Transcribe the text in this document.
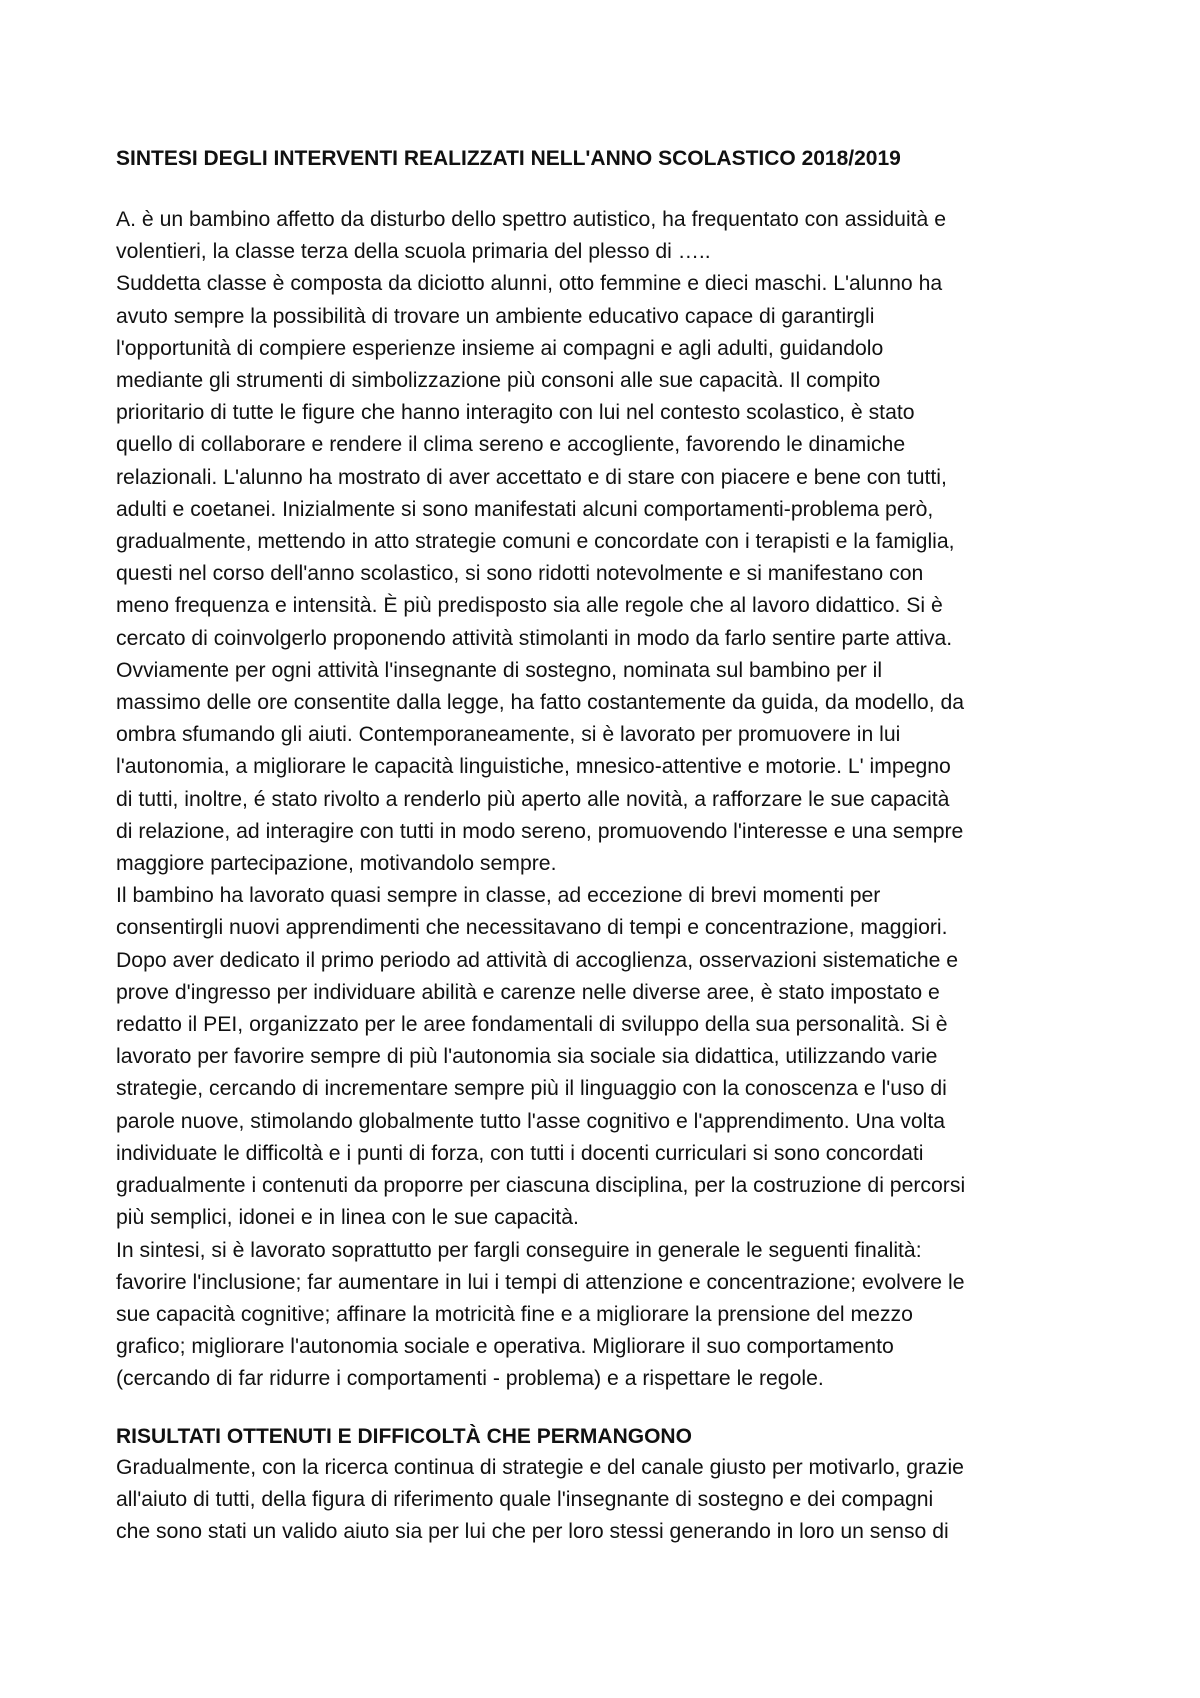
SINTESI DEGLI INTERVENTI REALIZZATI NELL'ANNO SCOLASTICO 2018/2019
A. è un bambino affetto da disturbo dello spettro autistico, ha frequentato con assiduità e
volentieri, la classe terza della scuola primaria del plesso di …..
Suddetta classe è composta da diciotto alunni, otto femmine e dieci maschi. L'alunno ha
avuto sempre la possibilità di trovare un ambiente educativo capace di garantirgli
l'opportunità di compiere esperienze insieme ai compagni e agli adulti, guidandolo
mediante gli strumenti di simbolizzazione più consoni alle sue capacità. Il compito
prioritario di tutte le figure che hanno interagito con lui nel contesto scolastico, è stato
quello di collaborare e rendere il clima sereno e accogliente, favorendo le dinamiche
relazionali. L'alunno ha mostrato di aver accettato e di stare con piacere e bene con tutti,
adulti e coetanei. Inizialmente si sono manifestati alcuni comportamenti-problema però,
gradualmente, mettendo in atto strategie comuni e concordate con i terapisti e la famiglia,
questi nel corso dell'anno scolastico, si sono ridotti notevolmente e si manifestano con
meno frequenza e intensità. È più predisposto sia alle regole che al lavoro didattico. Si è
cercato di coinvolgerlo proponendo attività stimolanti in modo da farlo sentire parte attiva.
Ovviamente per ogni attività l'insegnante di sostegno, nominata sul bambino per il
massimo delle ore consentite dalla legge, ha fatto costantemente da guida, da modello, da
ombra sfumando gli aiuti. Contemporaneamente, si è lavorato per promuovere in lui
l'autonomia, a migliorare le capacità linguistiche, mnesico-attentive e motorie. L' impegno
di tutti, inoltre, é stato rivolto a renderlo più aperto alle novità, a rafforzare le sue capacità
di relazione, ad interagire con tutti in modo sereno, promuovendo l'interesse e una sempre
maggiore partecipazione, motivandolo sempre.
Il bambino ha lavorato quasi sempre in classe, ad eccezione di brevi momenti per
consentirgli nuovi apprendimenti che necessitavano di tempi e concentrazione, maggiori.
Dopo aver dedicato il primo periodo ad attività di accoglienza, osservazioni sistematiche e
prove d'ingresso per individuare abilità e carenze nelle diverse aree, è stato impostato e
redatto il PEI, organizzato per le aree fondamentali di sviluppo della sua personalità. Si è
lavorato per favorire sempre di più l'autonomia sia sociale sia didattica, utilizzando varie
strategie, cercando di incrementare sempre più il linguaggio con la conoscenza e l'uso di
parole nuove, stimolando globalmente tutto l'asse cognitivo e l'apprendimento. Una volta
individuate le difficoltà e i punti di forza, con tutti i docenti curriculari si sono concordati
gradualmente i contenuti da proporre per ciascuna disciplina, per la costruzione di percorsi
più semplici, idonei e in linea con le sue capacità.
In sintesi, si è lavorato soprattutto per fargli conseguire in generale le seguenti finalità:
favorire l'inclusione; far aumentare in lui i tempi di attenzione e concentrazione; evolvere le
sue capacità cognitive; affinare la motricità fine e a migliorare la prensione del mezzo
grafico; migliorare l'autonomia sociale e operativa. Migliorare il suo comportamento
(cercando di far ridurre i comportamenti - problema) e a rispettare le regole.
RISULTATI OTTENUTI E DIFFICOLTÀ CHE PERMANGONO
Gradualmente, con la ricerca continua di strategie e del canale giusto per motivarlo, grazie
all'aiuto di tutti, della figura di riferimento quale l'insegnante di sostegno e dei compagni
che sono stati un valido aiuto sia per lui che per loro stessi generando in loro un senso di
